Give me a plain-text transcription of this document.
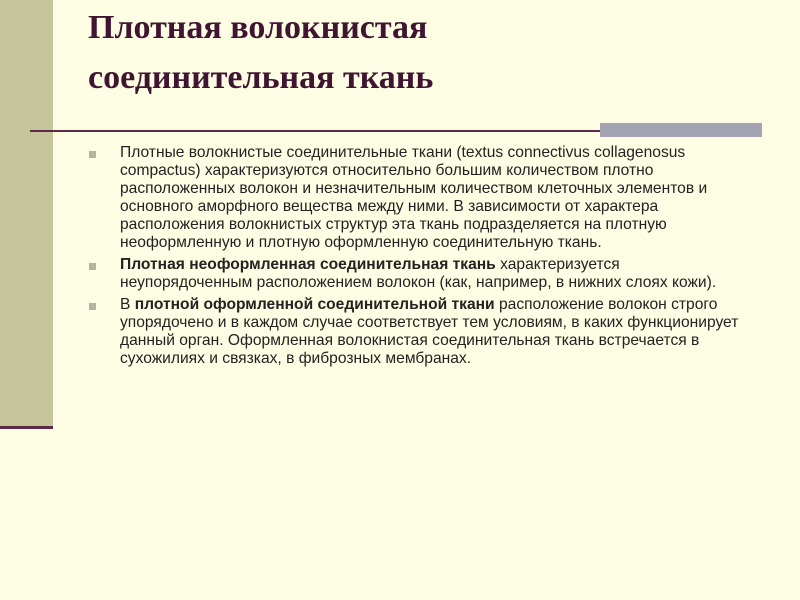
Плотная волокнистая
соединительная ткань
Плотные волокнистые соединительные ткани (textus connectivus collagenosus compactus) характеризуются относительно большим количеством плотно расположенных волокон и незначительным количеством клеточных элементов и основного аморфного вещества между ними. В зависимости от характера расположения волокнистых структур эта ткань подразделяется на плотную неоформленную и плотную оформленную соединительную ткань.
Плотная неоформленная соединительная ткань характеризуется неупорядоченным расположением волокон (как, например, в нижних слоях кожи).
В плотной оформленной соединительной ткани расположение волокон строго упорядочено и в каждом случае соответствует тем условиям, в каких функционирует данный орган. Оформленная волокнистая соединительная ткань встречается в сухожилиях и связках, в фиброзных мембранах.
